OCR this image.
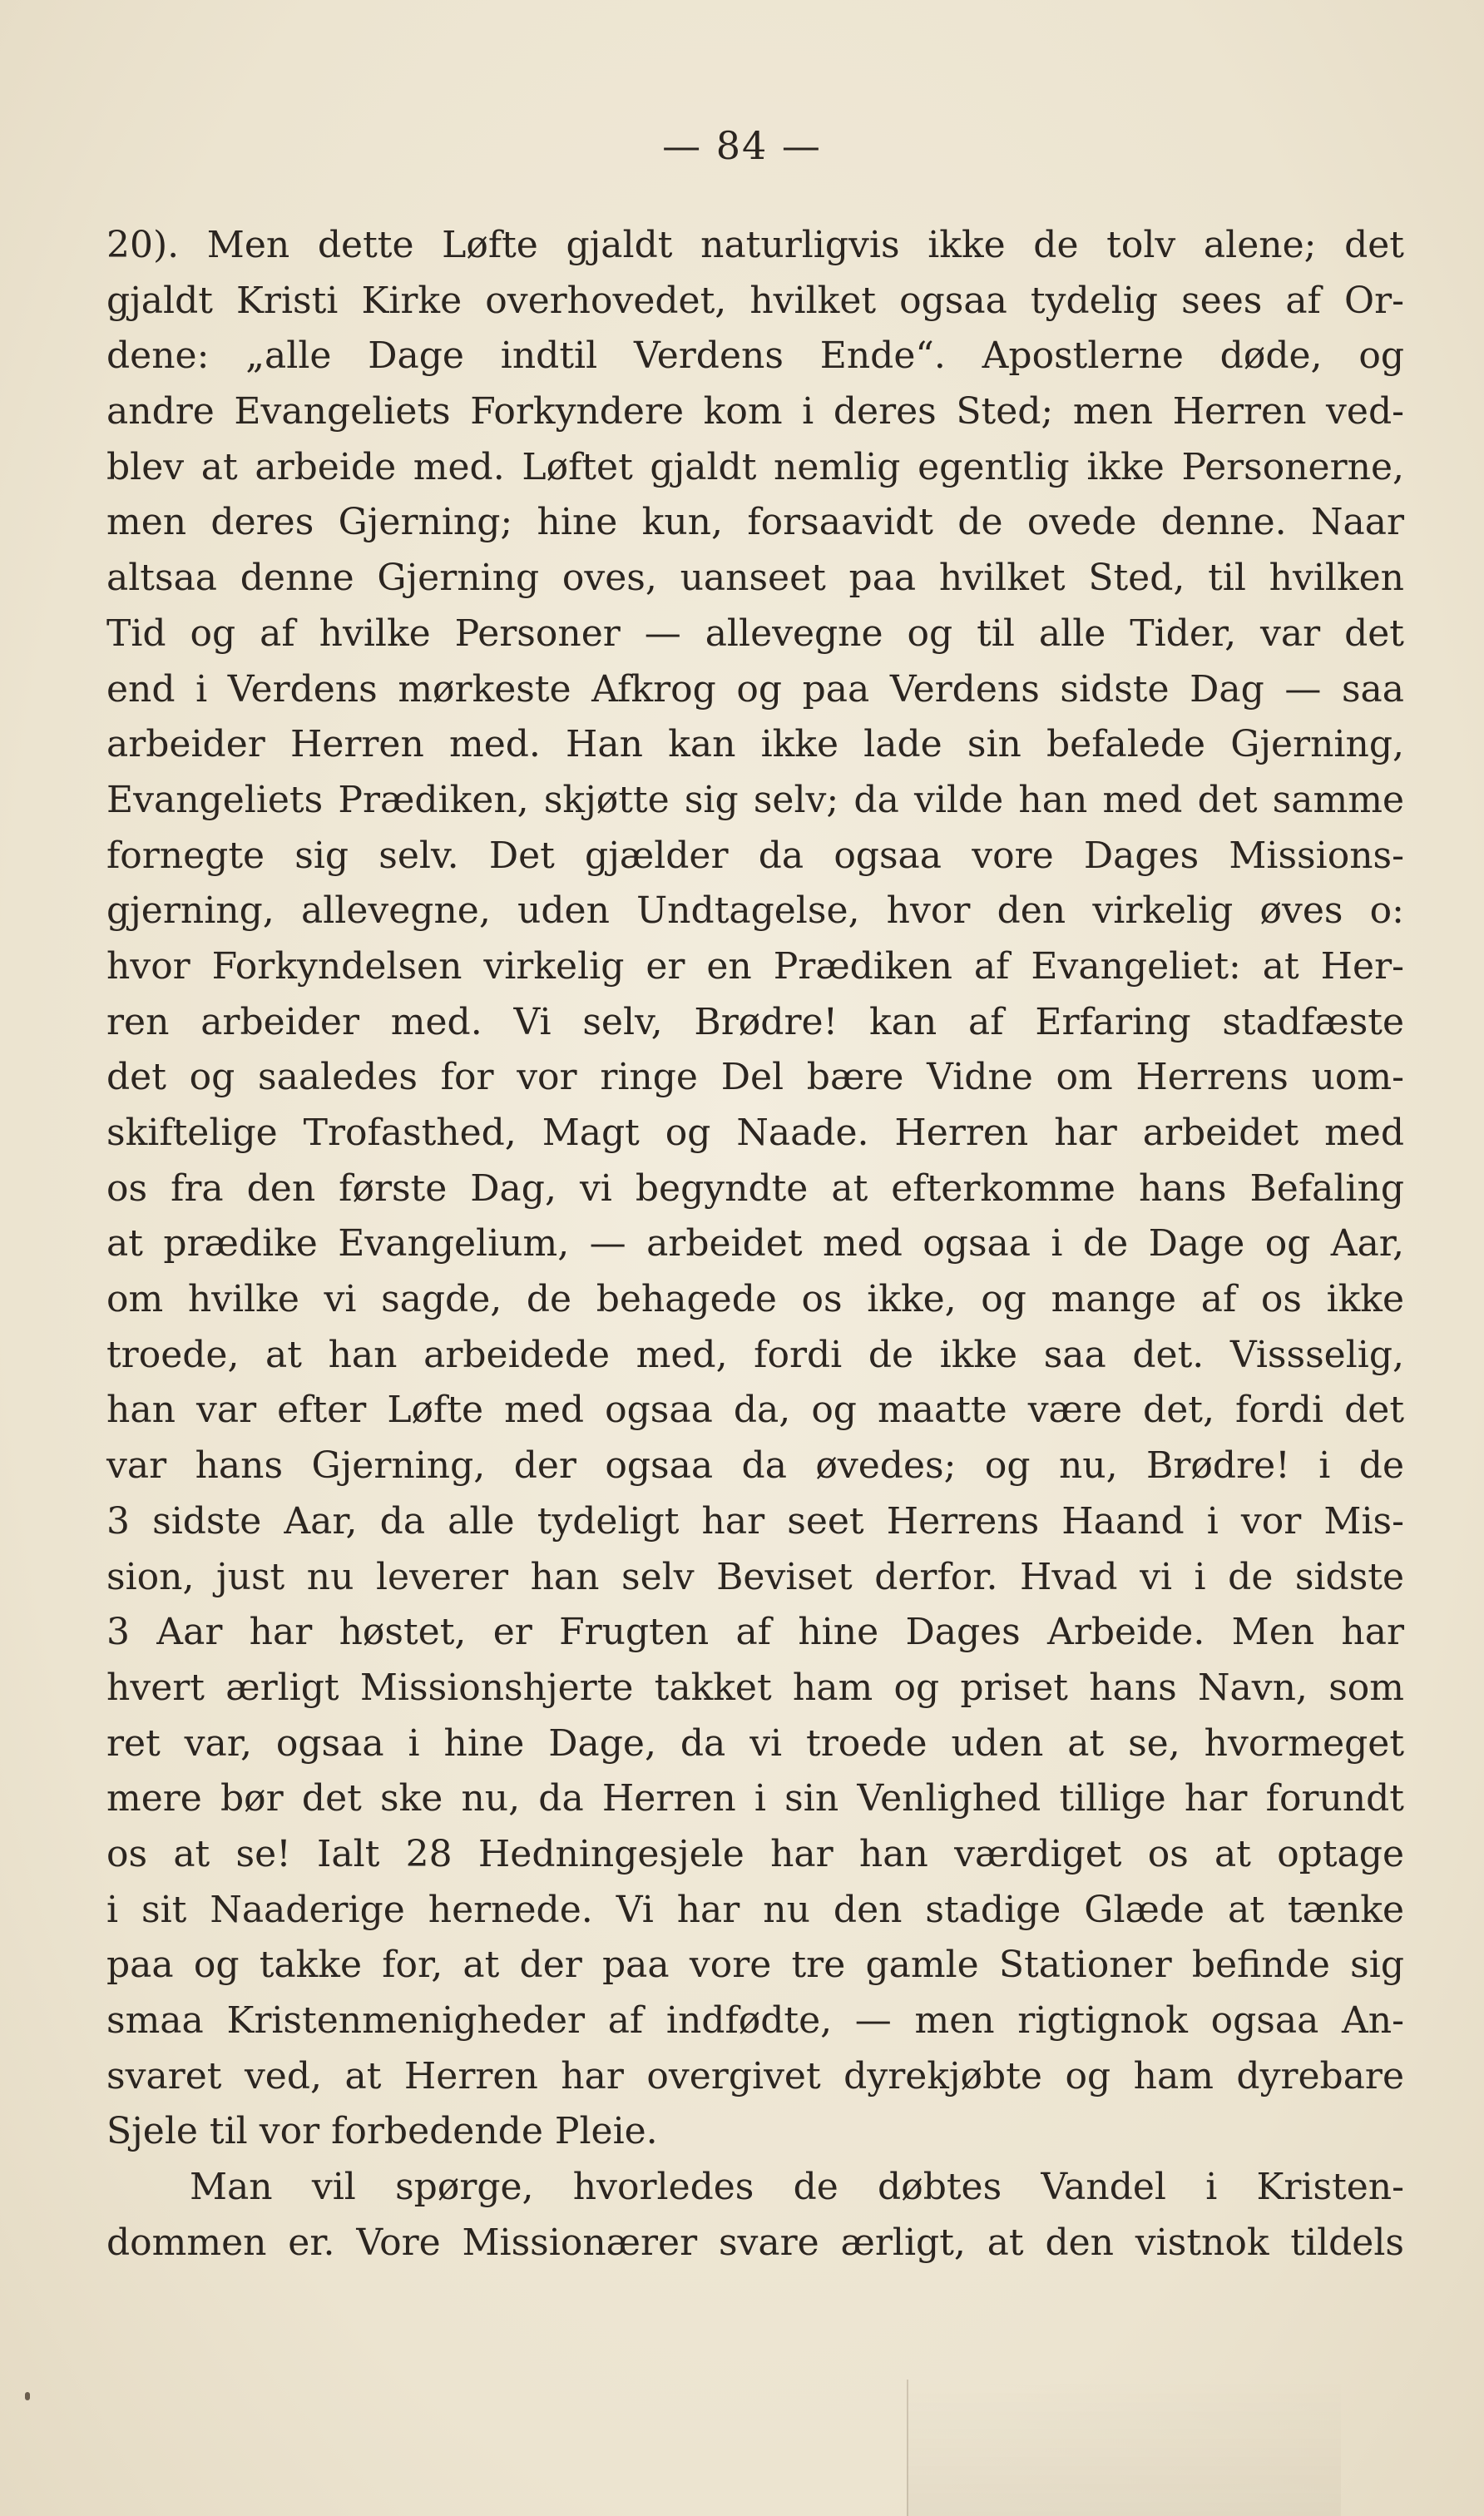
— 84 —
20). Men dette Løfte gjaldt naturligvis ikke de tolv alene; det
gjaldt Kristi Kirke overhovedet, hvilket ogsaa tydelig sees af Or-
dene: „alle Dage indtil Verdens Ende“. Apostlerne døde, og
andre Evangeliets Forkyndere kom i deres Sted; men Herren ved-
blev at arbeide med. Løftet gjaldt nemlig egentlig ikke Personerne,
men deres Gjerning; hine kun, forsaavidt de ovede denne. Naar
altsaa denne Gjerning oves, uanseet paa hvilket Sted, til hvilken
Tid og af hvilke Personer — allevegne og til alle Tider, var det
end i Verdens mørkeste Afkrog og paa Verdens sidste Dag — saa
arbeider Herren med. Han kan ikke lade sin befalede Gjerning,
Evangeliets Prædiken, skjøtte sig selv; da vilde han med det samme
fornegte sig selv. Det gjælder da ogsaa vore Dages Missions-
gjerning, allevegne, uden Undtagelse, hvor den virkelig øves o:
hvor Forkyndelsen virkelig er en Prædiken af Evangeliet: at Her-
ren arbeider med. Vi selv, Brødre! kan af Erfaring stadfæste
det og saaledes for vor ringe Del bære Vidne om Herrens uom-
skiftelige Trofasthed, Magt og Naade. Herren har arbeidet med
os fra den første Dag, vi begyndte at efterkomme hans Befaling
at prædike Evangelium, — arbeidet med ogsaa i de Dage og Aar,
om hvilke vi sagde, de behagede os ikke, og mange af os ikke
troede, at han arbeidede med, fordi de ikke saa det. Vissselig,
han var efter Løfte med ogsaa da, og maatte være det, fordi det
var hans Gjerning, der ogsaa da øvedes; og nu, Brødre! i de
3 sidste Aar, da alle tydeligt har seet Herrens Haand i vor Mis-
sion, just nu leverer han selv Beviset derfor. Hvad vi i de sidste
3 Aar har høstet, er Frugten af hine Dages Arbeide. Men har
hvert ærligt Missionshjerte takket ham og priset hans Navn, som
ret var, ogsaa i hine Dage, da vi troede uden at se, hvormeget
mere bør det ske nu, da Herren i sin Venlighed tillige har forundt
os at se! Ialt 28 Hedningesjele har han værdiget os at optage
i sit Naaderige hernede. Vi har nu den stadige Glæde at tænke
paa og takke for, at der paa vore tre gamle Stationer befinde sig
smaa Kristenmenigheder af indfødte, — men rigtignok ogsaa An-
svaret ved, at Herren har overgivet dyrekjøbte og ham dyrebare
Sjele til vor forbedende Pleie.
Man vil spørge, hvorledes de døbtes Vandel i Kristen-
dommen er. Vore Missionærer svare ærligt, at den vistnok tildels
